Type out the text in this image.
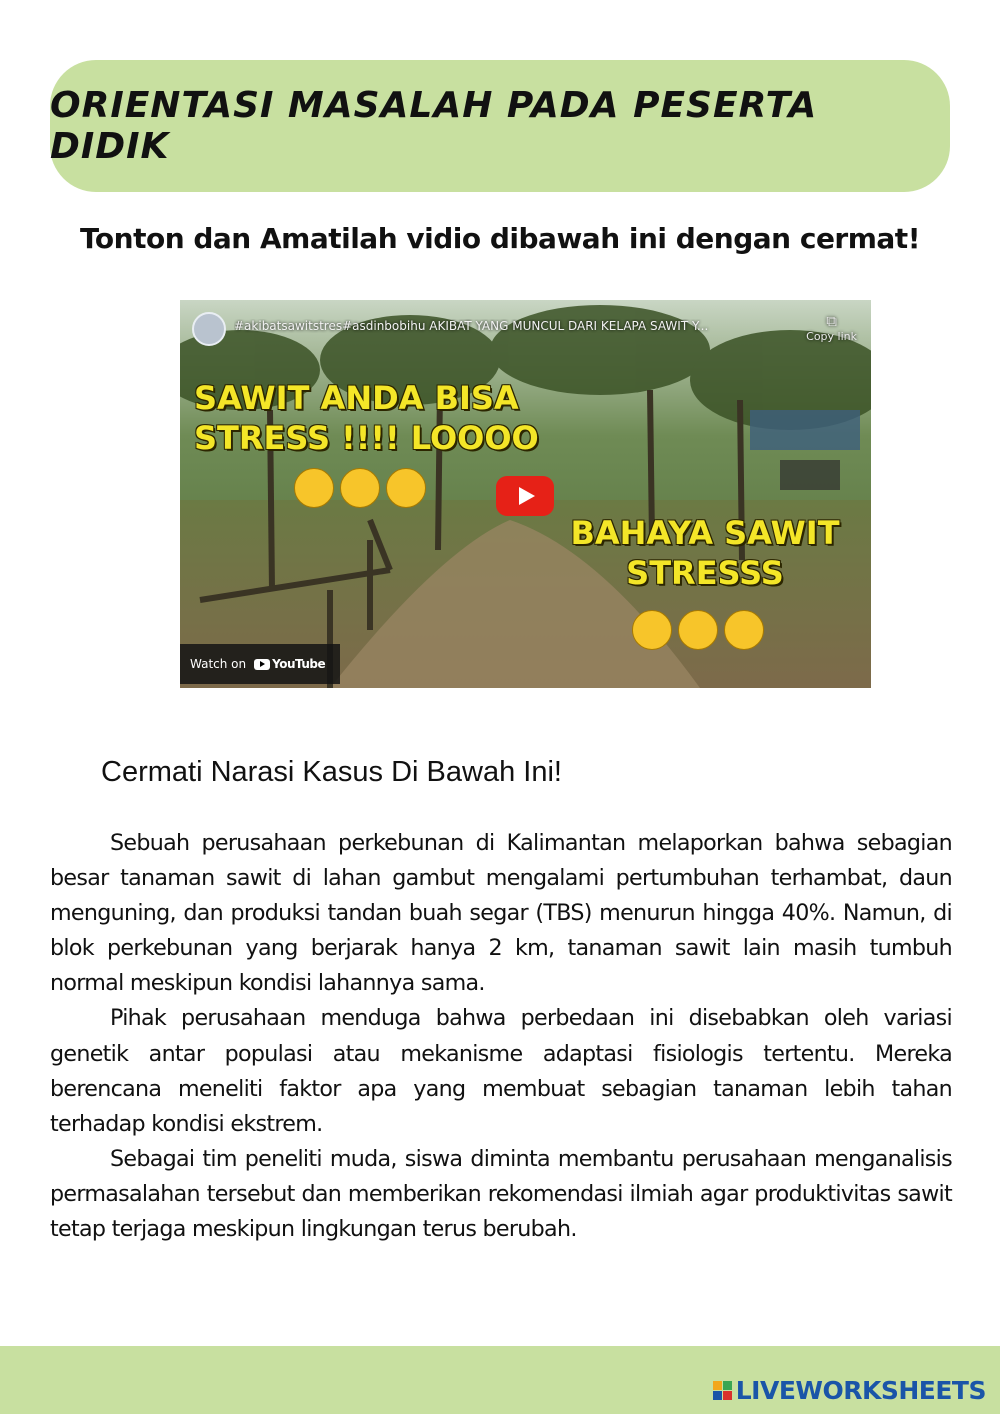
ORIENTASI MASALAH PADA PESERTA DIDIK
Tonton dan Amatilah vidio dibawah ini dengan cermat!
#akibatsawitstres#asdinbobihu AKIBAT YANG MUNCUL DARI KELAPA SAWIT Y...	⧉
Copy link
SAWIT ANDA BISA
STRESS !!!! LOOOO
BAHAYA SAWIT
STRESSS
Watch on YouTube
Cermati Narasi Kasus Di Bawah Ini!

Sebuah perusahaan perkebunan di Kalimantan melaporkan bahwa sebagian besar tanaman sawit di lahan gambut mengalami pertumbuhan terhambat, daun menguning, dan produksi tandan buah segar (TBS) menurun hingga 40%. Namun, di blok perkebunan yang berjarak hanya 2 km, tanaman sawit lain masih tumbuh normal meskipun kondisi lahannya sama.

Pihak perusahaan menduga bahwa perbedaan ini disebabkan oleh variasi genetik antar populasi atau mekanisme adaptasi fisiologis tertentu. Mereka berencana meneliti faktor apa yang membuat sebagian tanaman lebih tahan terhadap kondisi ekstrem.

Sebagai tim peneliti muda, siswa diminta membantu perusahaan menganalisis permasalahan tersebut dan memberikan rekomendasi ilmiah agar produktivitas sawit tetap terjaga meskipun lingkungan terus berubah.

LIVEWORKSHEETS
